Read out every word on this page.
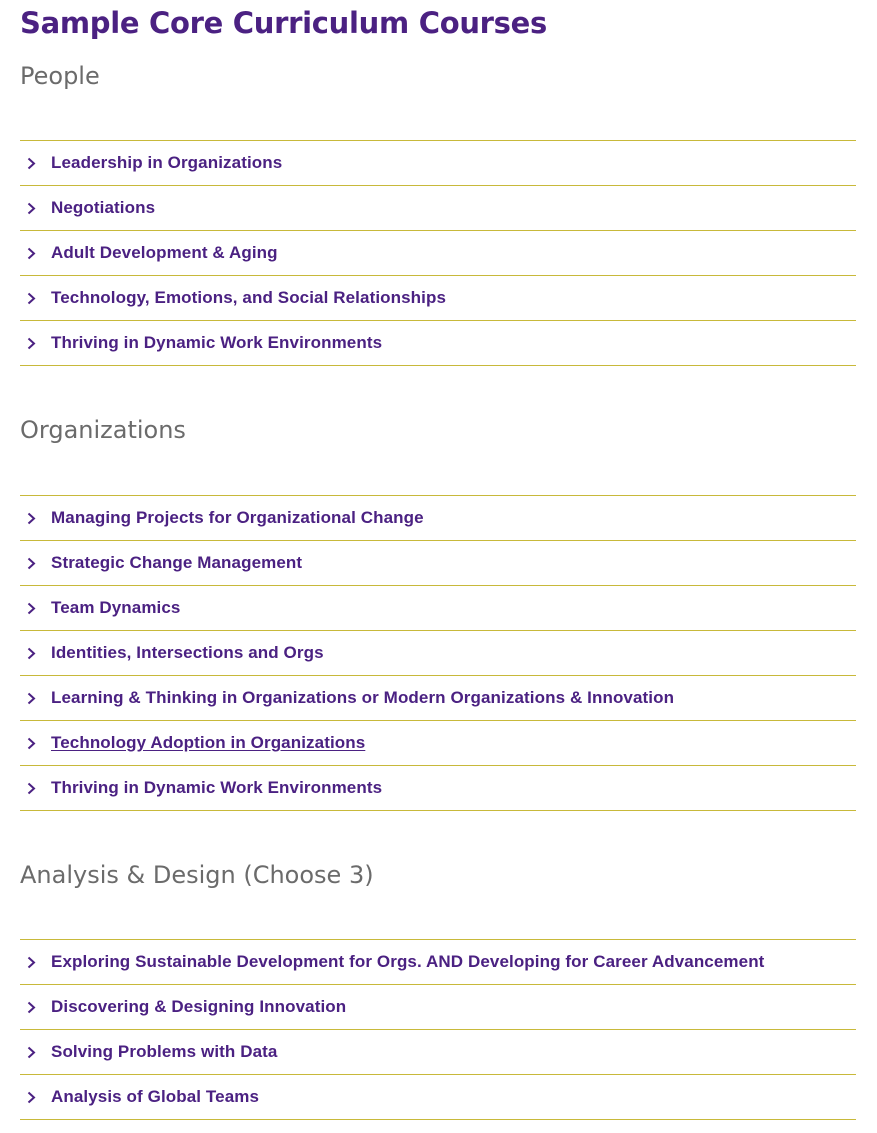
Sample Core Curriculum Courses
People
Leadership in Organizations
Negotiations
Adult Development & Aging
Technology, Emotions, and Social Relationships
Thriving in Dynamic Work Environments
Organizations
Managing Projects for Organizational Change
Strategic Change Management
Team Dynamics
Identities, Intersections and Orgs
Learning & Thinking in Organizations or Modern Organizations & Innovation
Technology Adoption in Organizations
Thriving in Dynamic Work Environments
Analysis & Design (Choose 3)
Exploring Sustainable Development for Orgs. AND Developing for Career Advancement
Discovering & Designing Innovation
Solving Problems with Data
Analysis of Global Teams
